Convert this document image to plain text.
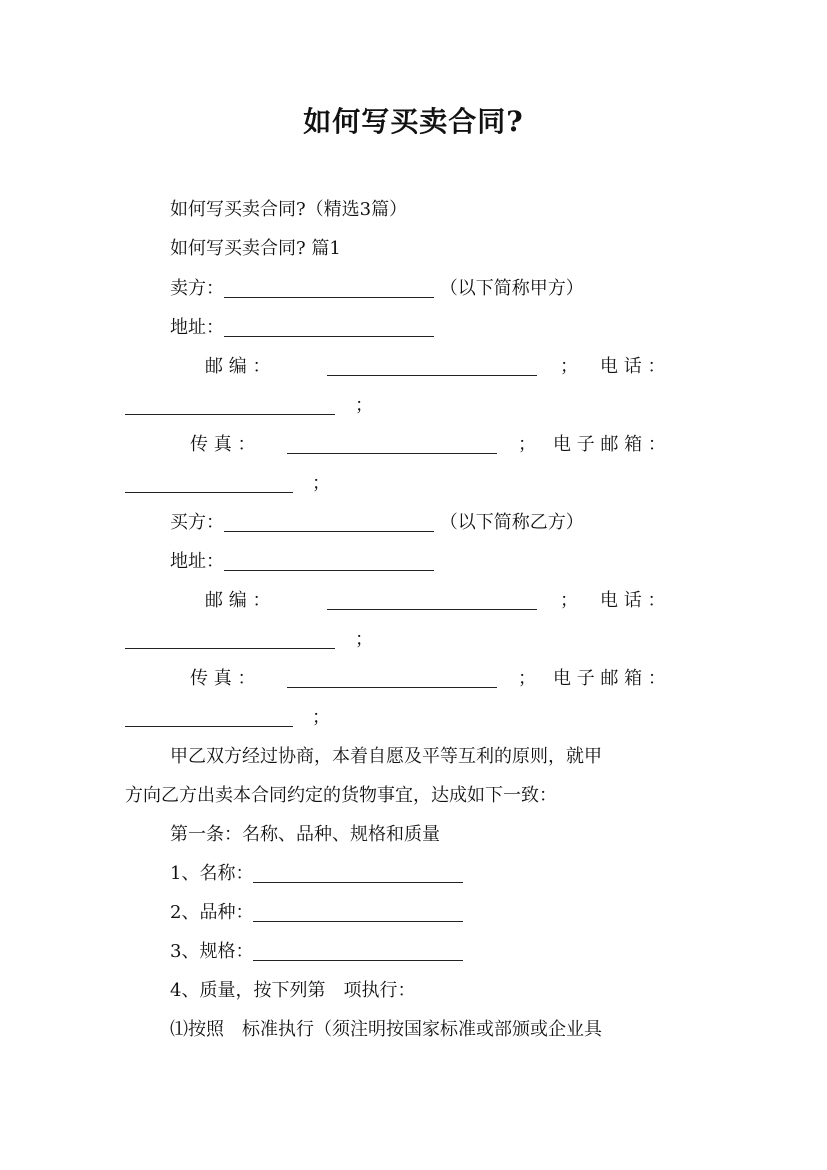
如何写买卖合同?
如何写买卖合同?（精选3篇）
如何写买卖合同? 篇1
卖方：	（以下简称甲方）
地址：
邮 编 ：	； 电 话 ：
；
传 真 ：	； 电 子 邮 箱 ：
；
买方：	（以下简称乙方）
地址：
邮 编 ：	； 电 话 ：
；
传 真 ：	； 电 子 邮 箱 ：
；
甲乙双方经过协商，本着自愿及平等互利的原则，就甲
方向乙方出卖本合同约定的货物事宜，达成如下一致：
第一条：名称、品种、规格和质量
1、名称：
2、品种：
3、规格：
4、质量，按下列第　项执行：
⑴按照　标准执行（须注明按国家标准或部颁或企业具
